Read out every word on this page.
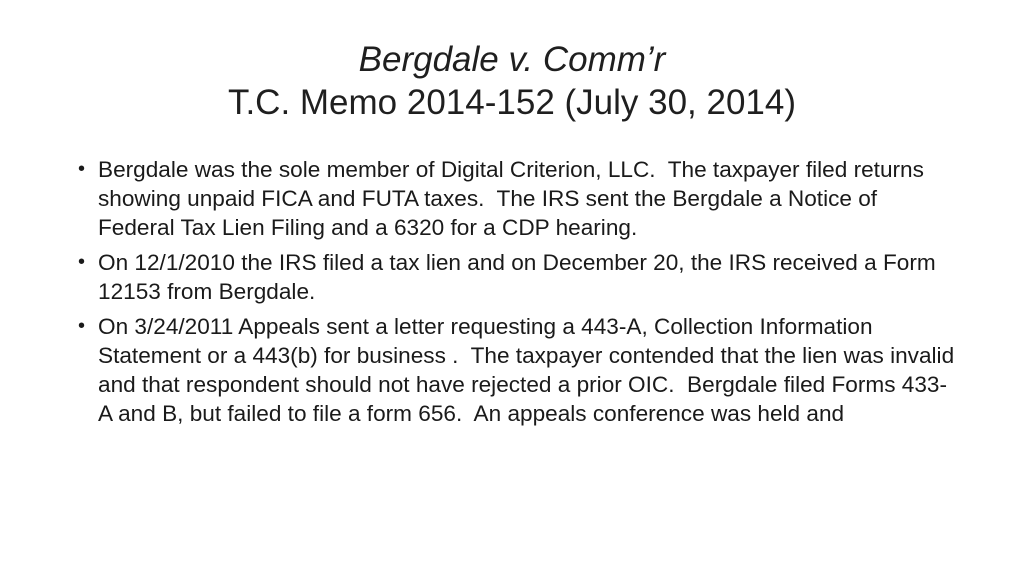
Bergdale v. Comm’r
T.C. Memo 2014-152 (July 30, 2014)
• Bergdale was the sole member of Digital Criterion, LLC.  The taxpayer filed returns showing unpaid FICA and FUTA taxes.  The IRS sent the Bergdale a Notice of Federal Tax Lien Filing and a 6320 for a CDP hearing.
• On 12/1/2010 the IRS filed a tax lien and on December 20, the IRS received a Form 12153 from Bergdale.
• On 3/24/2011 Appeals sent a letter requesting a 443-A, Collection Information Statement or a 443(b) for business .  The taxpayer contended that the lien was invalid and that respondent should not have rejected a prior OIC.  Bergdale filed Forms 433- A and B, but failed to file a form 656.  An appeals conference was held and
